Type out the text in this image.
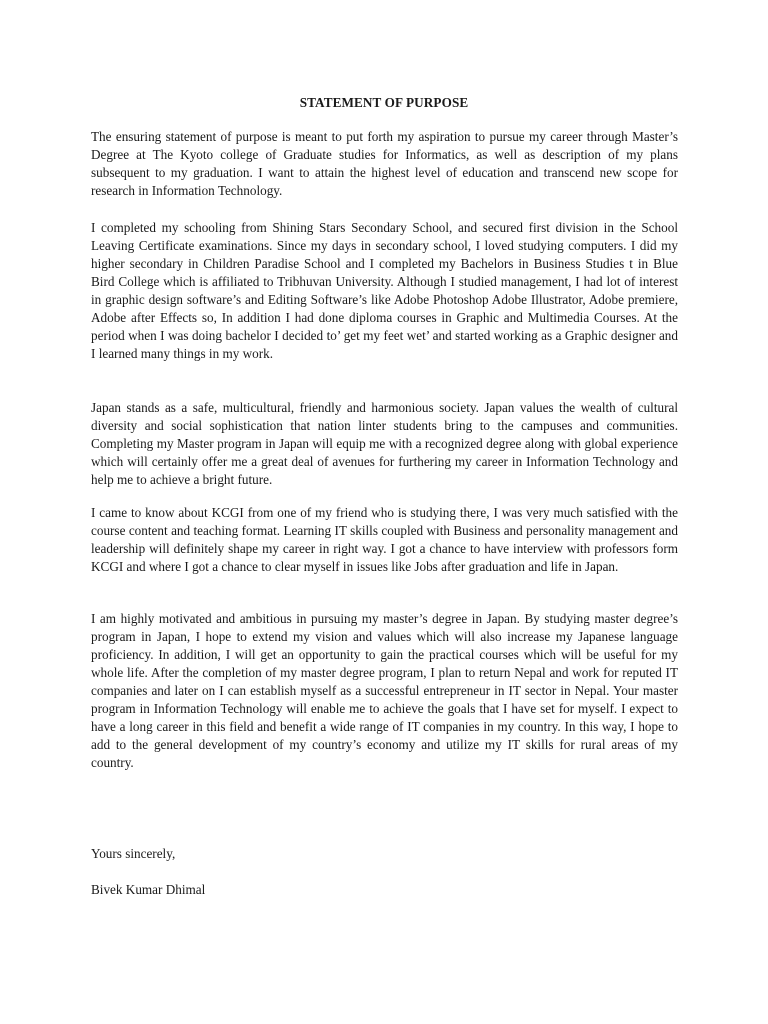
STATEMENT OF PURPOSE

The ensuring statement of purpose is meant to put forth my aspiration to pursue my career through Master’s Degree at The Kyoto college of Graduate studies for Informatics, as well as description of my plans subsequent to my graduation. I want to attain the highest level of education and transcend new scope for research in Information Technology.

I completed my schooling from Shining Stars Secondary School, and secured first division in the School Leaving Certificate examinations. Since my days in secondary school, I loved studying computers. I did my higher secondary in Children Paradise School and I completed my Bachelors in Business Studies t in Blue Bird College which is affiliated to Tribhuvan University. Although I studied management, I had lot of interest in graphic design software’s and Editing Software’s like Adobe Photoshop Adobe Illustrator, Adobe premiere, Adobe after Effects so, In addition I had done diploma courses in Graphic and Multimedia Courses. At the period when I was doing bachelor I decided to’ get my feet wet’ and started working as a Graphic designer and I learned many things in my work.

Japan stands as a safe, multicultural, friendly and harmonious society. Japan values the wealth of cultural diversity and social sophistication that nation linter students bring to the campuses and communities. Completing my Master program in Japan will equip me with a recognized degree along with global experience which will certainly offer me a great deal of avenues for furthering my career in Information Technology and help me to achieve a bright future.

I came to know about KCGI from one of my friend who is studying there, I was very much satisfied with the course content and teaching format. Learning IT skills coupled with Business and personality management and leadership will definitely shape my career in right way. I got a chance to have interview with professors form KCGI and where I got a chance to clear myself in issues like Jobs after graduation and life in Japan.

I am highly motivated and ambitious in pursuing my master’s degree in Japan. By studying master degree’s program in Japan, I hope to extend my vision and values which will also increase my Japanese language proficiency. In addition, I will get an opportunity to gain the practical courses which will be useful for my whole life. After the completion of my master degree program, I plan to return Nepal and work for reputed IT companies and later on I can establish myself as a successful entrepreneur in IT sector in Nepal. Your master program in Information Technology will enable me to achieve the goals that I have set for myself. I expect to have a long career in this field and benefit a wide range of IT companies in my country. In this way, I hope to add to the general development of my country’s economy and utilize my IT skills for rural areas of my country.

Yours sincerely,

Bivek Kumar Dhimal
